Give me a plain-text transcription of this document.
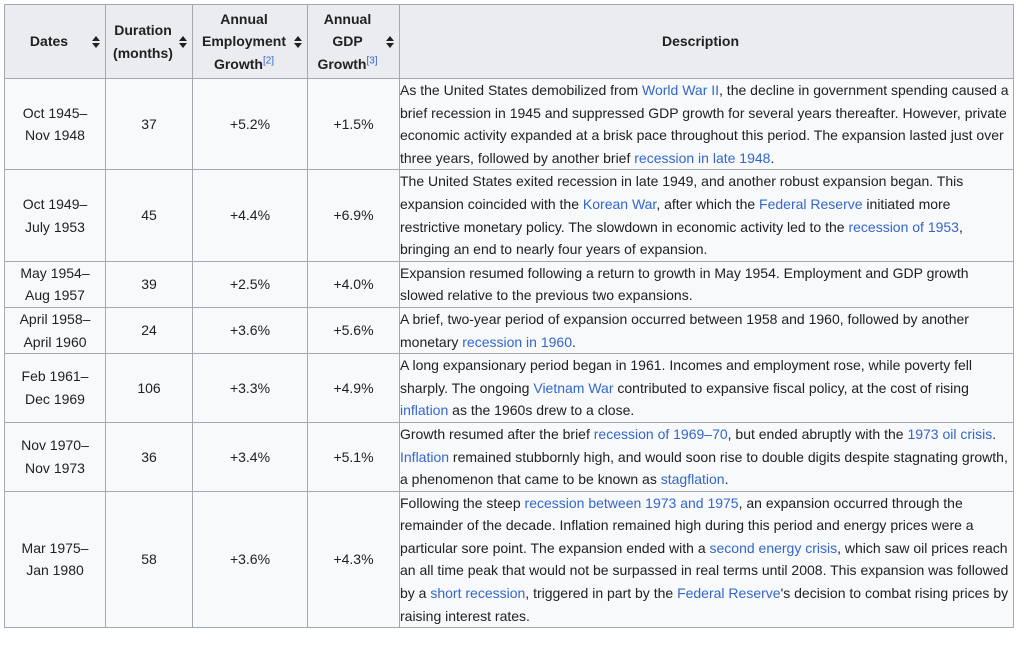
Dates	Duration (months)	Annual Employment Growth[2]	Annual GDP Growth[3]	Description
Oct 1945–
Nov 1948	37	+5.2%	+1.5%	As the United States demobilized from World War II, the decline in government spending caused a brief recession in 1945 and suppressed GDP growth for several years thereafter. However, private economic activity expanded at a brisk pace throughout this period. The expansion lasted just over three years, followed by another brief recession in late 1948.
Oct 1949–
July 1953	45	+4.4%	+6.9%	The United States exited recession in late 1949, and another robust expansion began. This expansion coincided with the Korean War, after which the Federal Reserve initiated more restrictive monetary policy. The slowdown in economic activity led to the recession of 1953, bringing an end to nearly four years of expansion.
May 1954–
Aug 1957	39	+2.5%	+4.0%	Expansion resumed following a return to growth in May 1954. Employment and GDP growth slowed relative to the previous two expansions.
April 1958–
April 1960	24	+3.6%	+5.6%	A brief, two-year period of expansion occurred between 1958 and 1960, followed by another monetary recession in 1960.
Feb 1961–
Dec 1969	106	+3.3%	+4.9%	A long expansionary period began in 1961. Incomes and employment rose, while poverty fell sharply. The ongoing Vietnam War contributed to expansive fiscal policy, at the cost of rising inflation as the 1960s drew to a close.
Nov 1970–
Nov 1973	36	+3.4%	+5.1%	Growth resumed after the brief recession of 1969–70, but ended abruptly with the 1973 oil crisis. Inflation remained stubbornly high, and would soon rise to double digits despite stagnating growth, a phenomenon that came to be known as stagflation.
Mar 1975–
Jan 1980	58	+3.6%	+4.3%	Following the steep recession between 1973 and 1975, an expansion occurred through the remainder of the decade. Inflation remained high during this period and energy prices were a particular sore point. The expansion ended with a second energy crisis, which saw oil prices reach an all time peak that would not be surpassed in real terms until 2008. This expansion was followed by a short recession, triggered in part by the Federal Reserve's decision to combat rising prices by raising interest rates.
